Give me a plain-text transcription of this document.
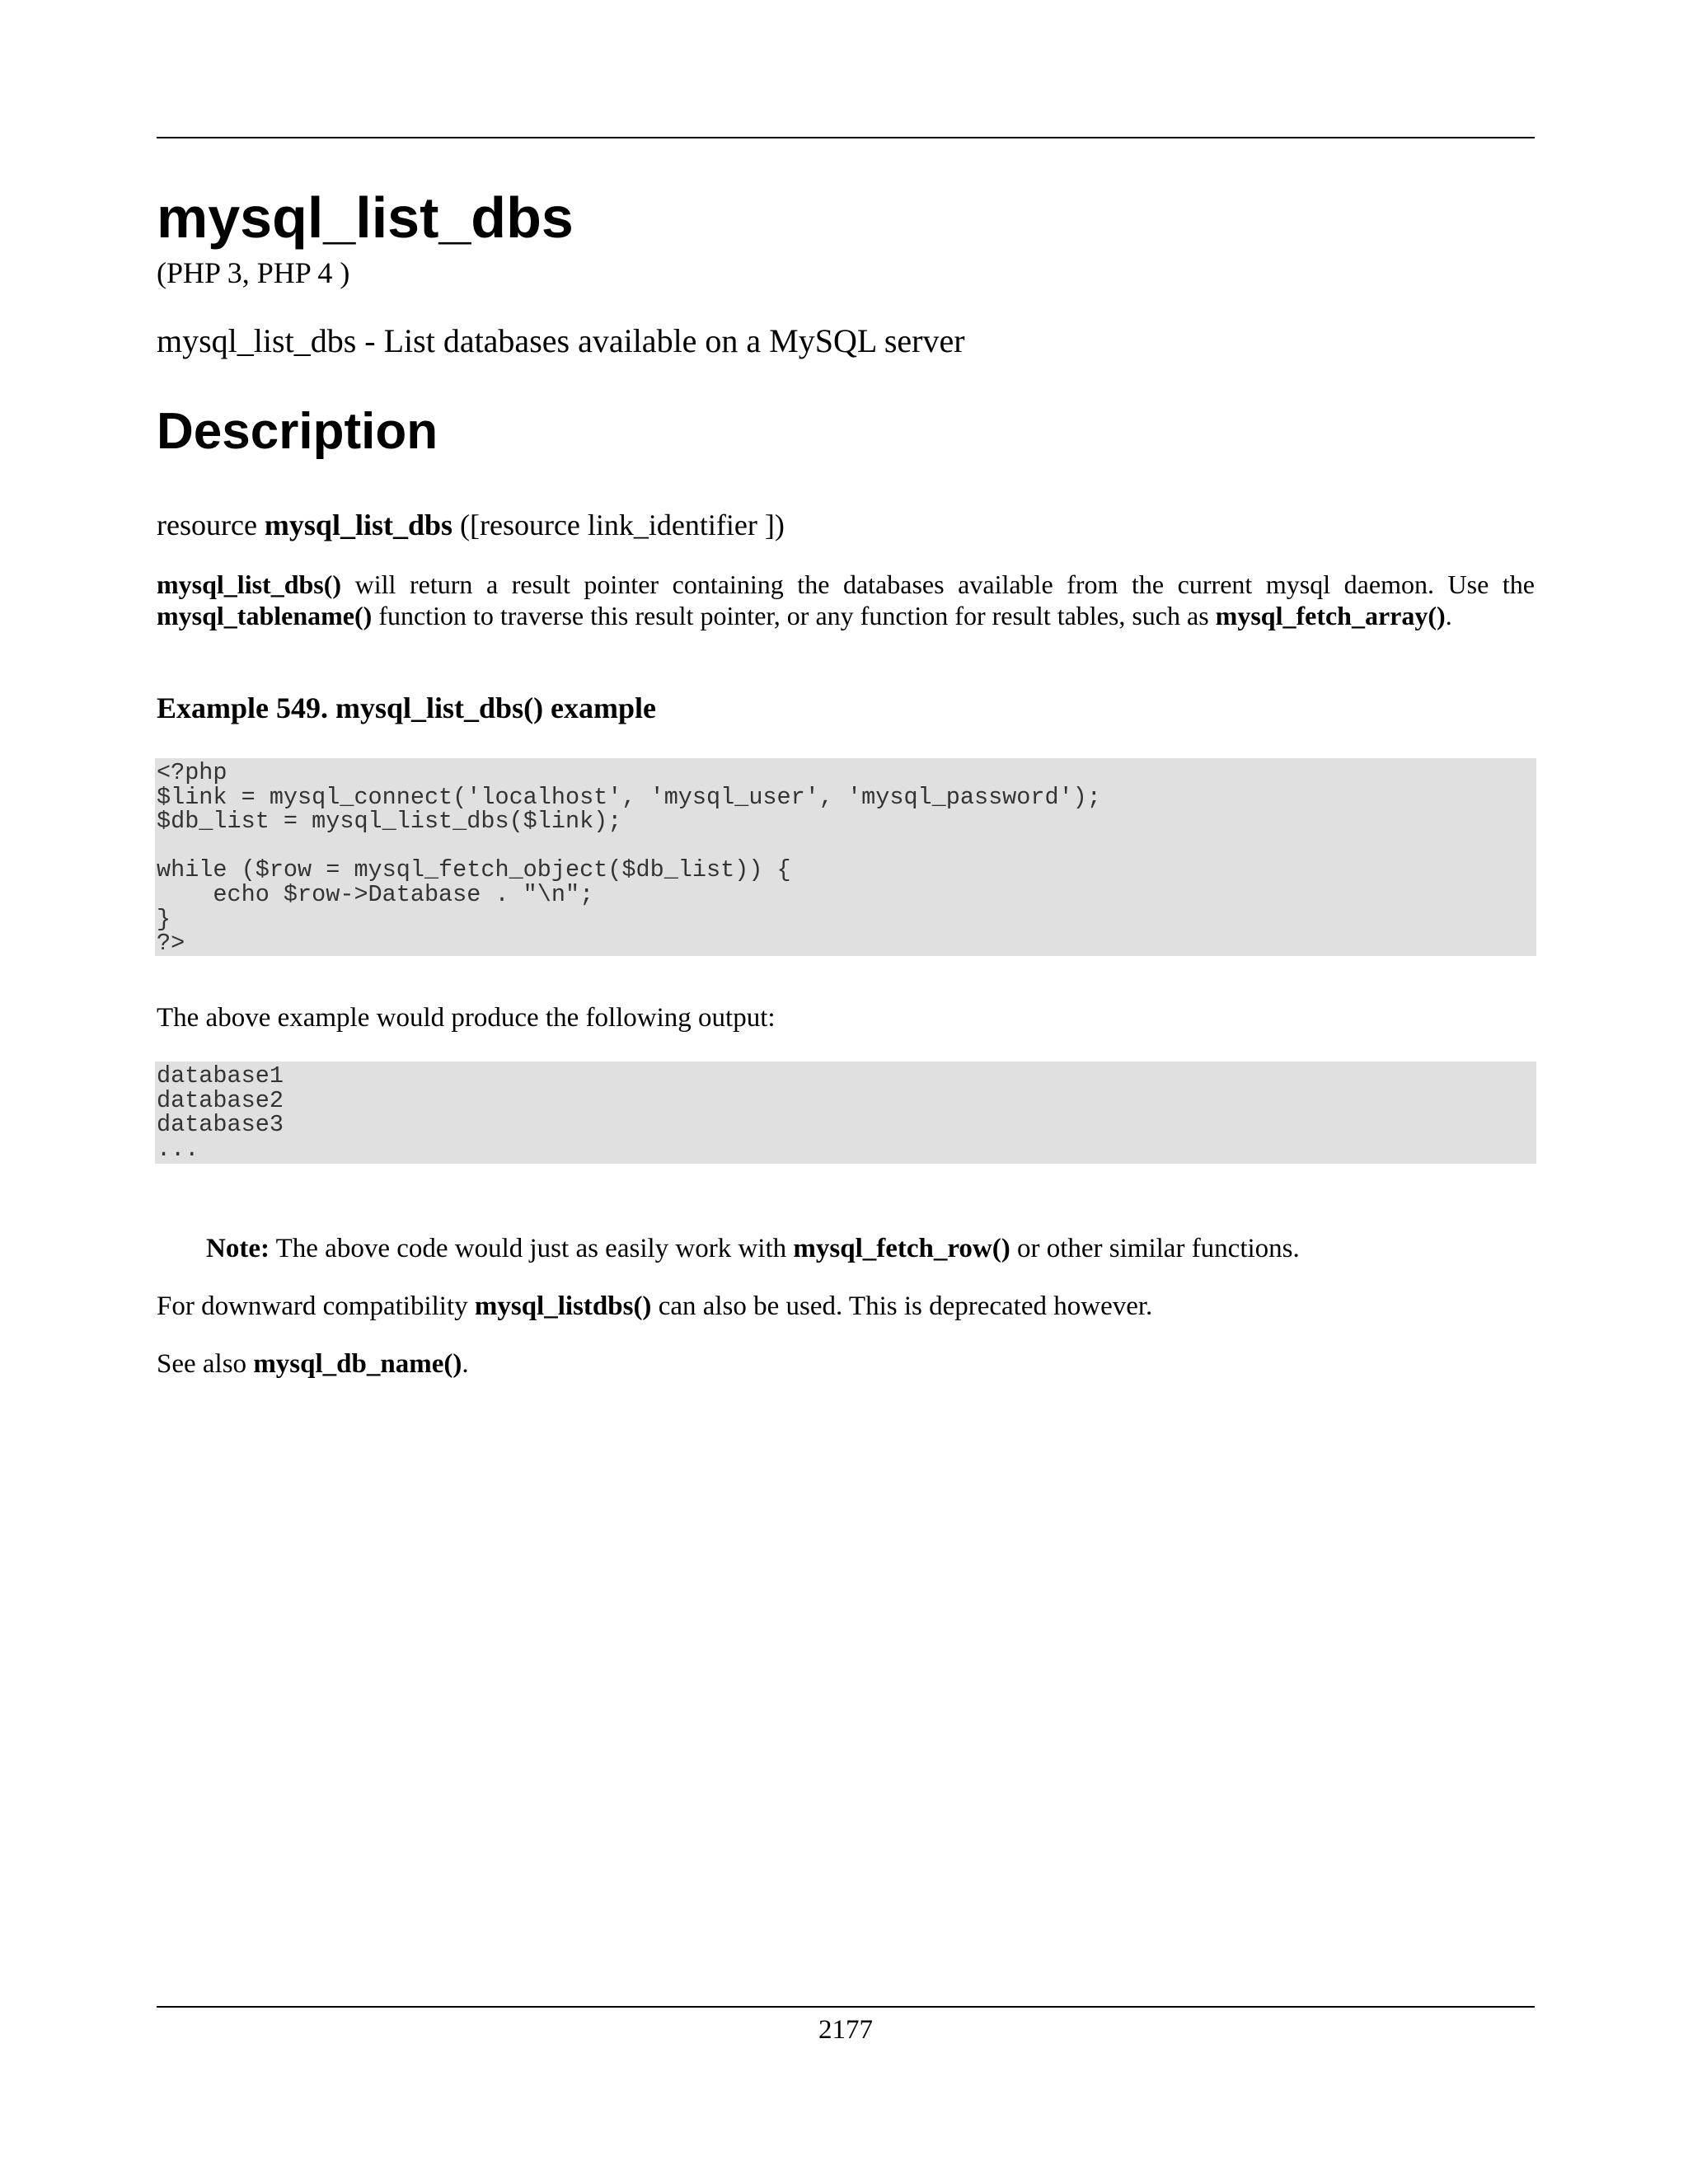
mysql_list_dbs

(PHP 3, PHP 4 )

mysql_list_dbs - List databases available on a MySQL server

Description

resource mysql_list_dbs ([resource link_identifier ])

mysql_list_dbs() will return a result pointer containing the databases available from the current mysql daemon. Use the mysql_tablename() function to traverse this result pointer, or any function for result tables, such as mysql_fetch_array().

Example 549. mysql_list_dbs() example

<?php
$link = mysql_connect('localhost', 'mysql_user', 'mysql_password');
$db_list = mysql_list_dbs($link);

while ($row = mysql_fetch_object($db_list)) {
echo $row->Database . "\n";
}
?>

The above example would produce the following output:

database1
database2
database3
...

Note: The above code would just as easily work with mysql_fetch_row() or other similar functions.

For downward compatibility mysql_listdbs() can also be used. This is deprecated however.

See also mysql_db_name().

2177
